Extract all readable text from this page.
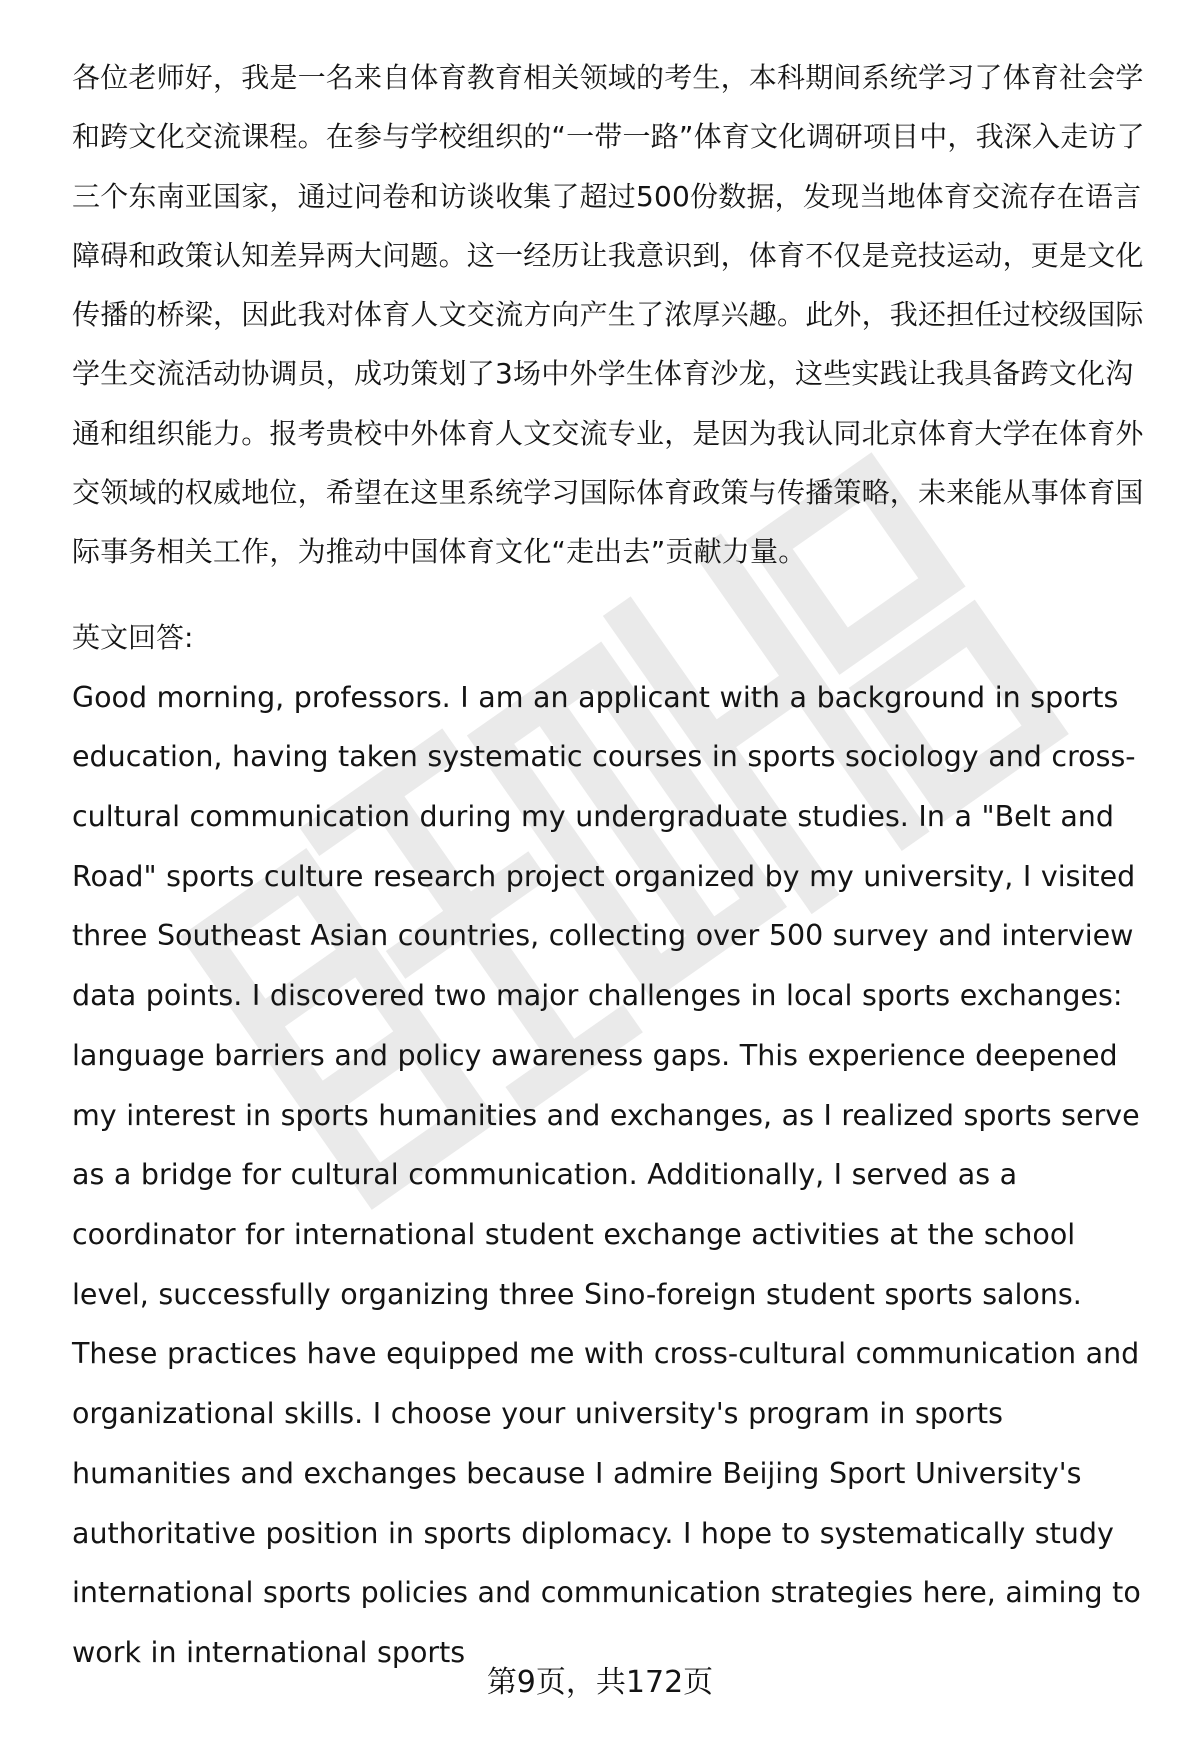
各位老师好，我是一名来自体育教育相关领域的考生，本科期间系统学习了体育社会学和跨文化交流课程。在参与学校组织的“一带一路”体育文化调研项目中，我深入走访了三个东南亚国家，通过问卷和访谈收集了超过500份数据，发现当地体育交流存在语言障碍和政策认知差异两大问题。这一经历让我意识到，体育不仅是竞技运动，更是文化传播的桥梁，因此我对体育人文交流方向产生了浓厚兴趣。此外，我还担任过校级国际学生交流活动协调员，成功策划了3场中外学生体育沙龙，这些实践让我具备跨文化沟通和组织能力。报考贵校中外体育人文交流专业，是因为我认同北京体育大学在体育外交领域的权威地位，希望在这里系统学习国际体育政策与传播策略，未来能从事体育国际事务相关工作，为推动中国体育文化“走出去”贡献力量。

英文回答:

Good morning, professors. I am an applicant with a background in sports education, having taken systematic courses in sports sociology and cross-cultural communication during my undergraduate studies. In a "Belt and Road" sports culture research project organized by my university, I visited three Southeast Asian countries, collecting over 500 survey and interview data points. I discovered two major challenges in local sports exchanges: language barriers and policy awareness gaps. This experience deepened my interest in sports humanities and exchanges, as I realized sports serve as a bridge for cultural communication. Additionally, I served as a coordinator for international student exchange activities at the school level, successfully organizing three Sino-foreign student sports salons. These practices have equipped me with cross-cultural communication and organizational skills. I choose your university's program in sports humanities and exchanges because I admire Beijing Sport University's authoritative position in sports diplomacy. I hope to systematically study international sports policies and communication strategies here, aiming to work in international sports

第9页，共172页
